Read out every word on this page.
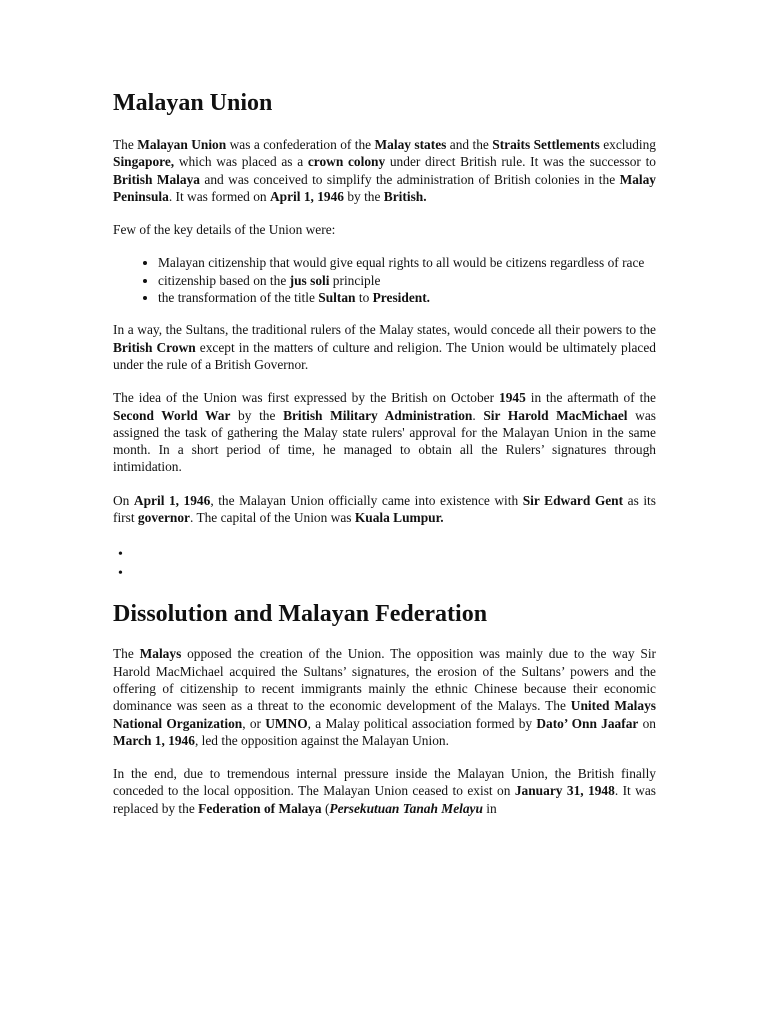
Malayan Union

The Malayan Union was a confederation of the Malay states and the Straits Settlements excluding Singapore, which was placed as a crown colony under direct British rule. It was the successor to British Malaya and was conceived to simplify the administration of British colonies in the Malay Peninsula. It was formed on April 1, 1946 by the British.

Few of the key details of the Union were:

• Malayan citizenship that would give equal rights to all would be citizens regardless of race
• citizenship based on the jus soli principle
• the transformation of the title Sultan to President.

In a way, the Sultans, the traditional rulers of the Malay states, would concede all their powers to the British Crown except in the matters of culture and religion. The Union would be ultimately placed under the rule of a British Governor.

The idea of the Union was first expressed by the British on October 1945 in the aftermath of the Second World War by the British Military Administration. Sir Harold MacMichael was assigned the task of gathering the Malay state rulers' approval for the Malayan Union in the same month. In a short period of time, he managed to obtain all the Rulers’ signatures through intimidation.

On April 1, 1946, the Malayan Union officially came into existence with Sir Edward Gent as its first governor. The capital of the Union was Kuala Lumpur.

•
•
Dissolution and Malayan Federation

The Malays opposed the creation of the Union. The opposition was mainly due to the way Sir Harold MacMichael acquired the Sultans’ signatures, the erosion of the Sultans’ powers and the offering of citizenship to recent immigrants mainly the ethnic Chinese because their economic dominance was seen as a threat to the economic development of the Malays. The United Malays National Organization, or UMNO, a Malay political association formed by Dato’ Onn Jaafar on March 1, 1946, led the opposition against the Malayan Union.

In the end, due to tremendous internal pressure inside the Malayan Union, the British finally conceded to the local opposition. The Malayan Union ceased to exist on January 31, 1948. It was replaced by the Federation of Malaya (Persekutuan Tanah Melayu in
